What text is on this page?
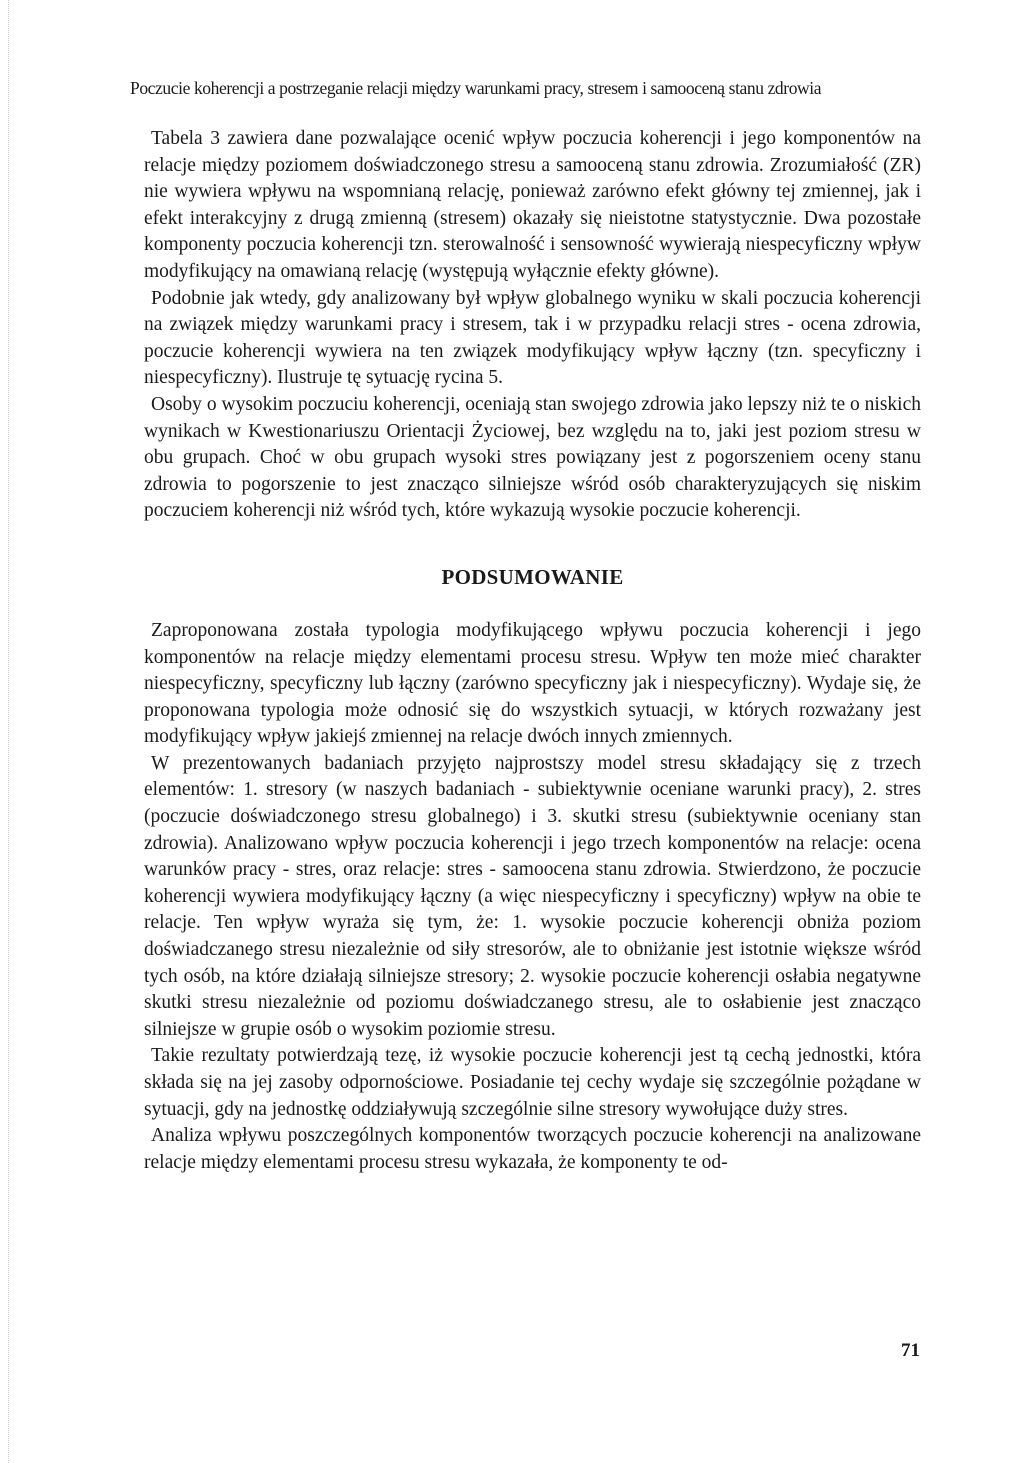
Poczucie koherencji a postrzeganie relacji między warunkami pracy, stresem i samooceną stanu zdrowia

Tabela 3 zawiera dane pozwalające ocenić wpływ poczucia koherencji i jego komponentów na relacje między poziomem doświadczonego stresu a samooceną stanu zdrowia. Zrozumiałość (ZR) nie wywiera wpływu na wspomnianą relację, ponieważ zarówno efekt główny tej zmiennej, jak i efekt interakcyjny z drugą zmienną (stresem) okazały się nieistotne statystycznie. Dwa pozostałe komponenty poczucia koherencji tzn. sterowalność i sensowność wywierają niespecyficzny wpływ modyfikujący na omawianą relację (występują wyłącznie efekty główne).

Podobnie jak wtedy, gdy analizowany był wpływ globalnego wyniku w skali poczucia koherencji na związek między warunkami pracy i stresem, tak i w przypadku relacji stres - ocena zdrowia, poczucie koherencji wywiera na ten związek modyfikujący wpływ łączny (tzn. specyficzny i niespecyficzny). Ilustruje tę sytuację rycina 5.

Osoby o wysokim poczuciu koherencji, oceniają stan swojego zdrowia jako lepszy niż te o niskich wynikach w Kwestionariuszu Orientacji Życiowej, bez względu na to, jaki jest poziom stresu w obu grupach. Choć w obu grupach wysoki stres powiązany jest z pogorszeniem oceny stanu zdrowia to pogorszenie to jest znacząco silniejsze wśród osób charakteryzujących się niskim poczuciem koherencji niż wśród tych, które wykazują wysokie poczucie koherencji.

PODSUMOWANIE

Zaproponowana została typologia modyfikującego wpływu poczucia koherencji i jego komponentów na relacje między elementami procesu stresu. Wpływ ten może mieć charakter niespecyficzny, specyficzny lub łączny (zarówno specyficzny jak i niespecyficzny). Wydaje się, że proponowana typologia może odnosić się do wszystkich sytuacji, w których rozważany jest modyfikujący wpływ jakiejś zmiennej na relacje dwóch innych zmiennych.

W prezentowanych badaniach przyjęto najprostszy model stresu składający się z trzech elementów: 1. stresory (w naszych badaniach - subiektywnie oceniane warunki pracy), 2. stres (poczucie doświadczonego stresu globalnego) i 3. skutki stresu (subiektywnie oceniany stan zdrowia). Analizowano wpływ poczucia koherencji i jego trzech komponentów na relacje: ocena warunków pracy - stres, oraz relacje: stres - samoocena stanu zdrowia. Stwierdzono, że poczucie koherencji wywiera modyfikujący łączny (a więc niespecyficzny i specyficzny) wpływ na obie te relacje. Ten wpływ wyraża się tym, że: 1. wysokie poczucie koherencji obniża poziom doświadczanego stresu niezależnie od siły stresorów, ale to obniżanie jest istotnie większe wśród tych osób, na które działają silniejsze stresory; 2. wysokie poczucie koherencji osłabia negatywne skutki stresu niezależnie od poziomu doświadczanego stresu, ale to osłabienie jest znacząco silniejsze w grupie osób o wysokim poziomie stresu.

Takie rezultaty potwierdzają tezę, iż wysokie poczucie koherencji jest tą cechą jednostki, która składa się na jej zasoby odpornościowe. Posiadanie tej cechy wydaje się szczególnie pożądane w sytuacji, gdy na jednostkę oddziaływują szczególnie silne stresory wywołujące duży stres.

Analiza wpływu poszczególnych komponentów tworzących poczucie koherencji na analizowane relacje między elementami procesu stresu wykazała, że komponenty te od-

71
